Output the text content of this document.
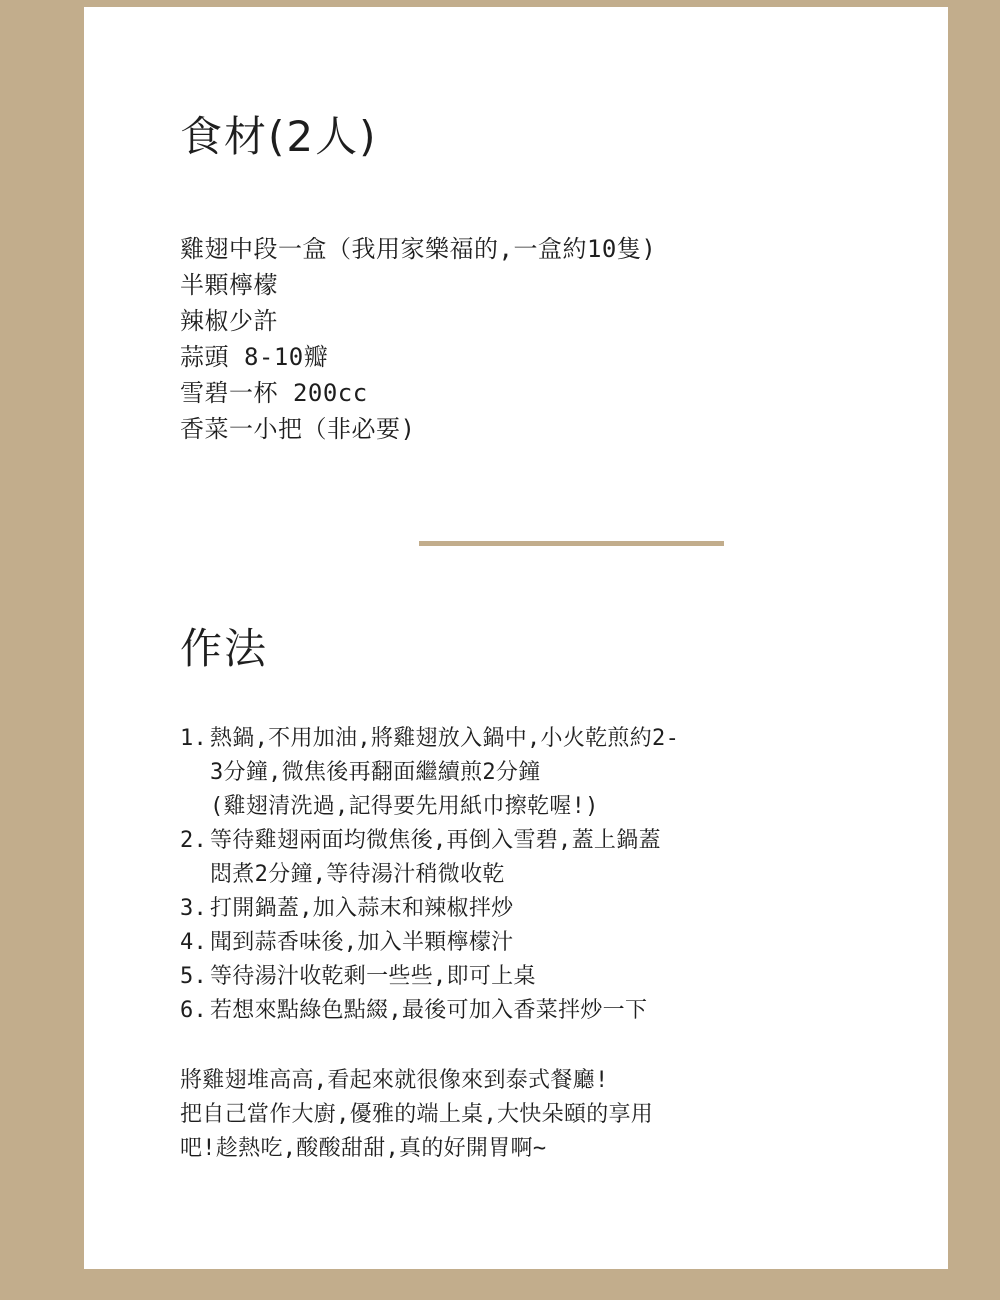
食材(2人)
雞翅中段一盒（我用家樂福的,一盒約10隻)
半顆檸檬
辣椒少許
蒜頭 8-10瓣
雪碧一杯 200cc
香菜一小把（非必要)
作法
1. 熱鍋,不用加油,將雞翅放入鍋中,小火乾煎約2-
3分鐘,微焦後再翻面繼續煎2分鐘
(雞翅清洗過,記得要先用紙巾擦乾喔!)
2. 等待雞翅兩面均微焦後,再倒入雪碧,蓋上鍋蓋
悶煮2分鐘,等待湯汁稍微收乾
3. 打開鍋蓋,加入蒜末和辣椒拌炒
4. 聞到蒜香味後,加入半顆檸檬汁
5. 等待湯汁收乾剩一些些,即可上桌
6. 若想來點綠色點綴,最後可加入香菜拌炒一下
將雞翅堆高高,看起來就很像來到泰式餐廳!
把自己當作大廚,優雅的端上桌,大快朵頤的享用
吧!趁熱吃,酸酸甜甜,真的好開胃啊~
